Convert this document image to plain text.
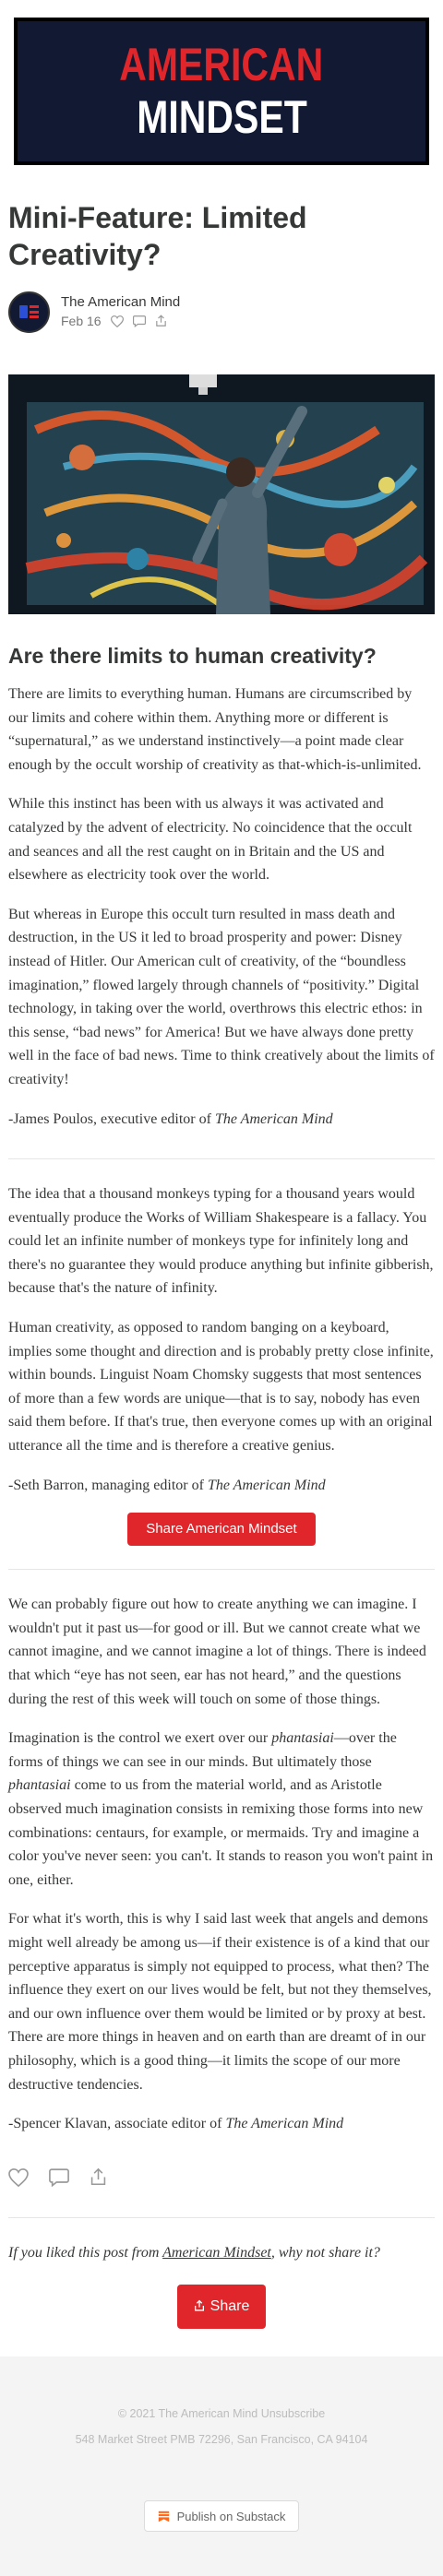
AMERICAN
MINDSET
Mini-Feature: Limited Creativity?
The American Mind
Feb 16
Are there limits to human creativity?

There are limits to everything human. Humans are circumscribed by our limits and cohere within them. Anything more or different is “supernatural,” as we understand instinctively—a point made clear enough by the occult worship of creativity as that-which-is-unlimited.

While this instinct has been with us always it was activated and catalyzed by the advent of electricity. No coincidence that the occult and seances and all the rest caught on in Britain and the US and elsewhere as electricity took over the world.

But whereas in Europe this occult turn resulted in mass death and destruction, in the US it led to broad prosperity and power: Disney instead of Hitler. Our American cult of creativity, of the “boundless imagination,” flowed largely through channels of “positivity.” Digital technology, in taking over the world, overthrows this electric ethos: in this sense, “bad news” for America! But we have always done pretty well in the face of bad news. Time to think creatively about the limits of creativity!

-James Poulos, executive editor of The American Mind

The idea that a thousand monkeys typing for a thousand years would eventually produce the Works of William Shakespeare is a fallacy. You could let an infinite number of monkeys type for infinitely long and there's no guarantee they would produce anything but infinite gibberish, because that's the nature of infinity.

Human creativity, as opposed to random banging on a keyboard, implies some thought and direction and is probably pretty close infinite, within bounds. Linguist Noam Chomsky suggests that most sentences of more than a few words are unique—that is to say, nobody has even said them before. If that's true, then everyone comes up with an original utterance all the time and is therefore a creative genius.

-Seth Barron, managing editor of The American Mind

Share American Mindset

We can probably figure out how to create anything we can imagine. I wouldn't put it past us—for good or ill. But we cannot create what we cannot imagine, and we cannot imagine a lot of things. There is indeed that which “eye has not seen, ear has not heard,” and the questions during the rest of this week will touch on some of those things.

Imagination is the control we exert over our phantasiai—over the forms of things we can see in our minds. But ultimately those phantasiai come to us from the material world, and as Aristotle observed much imagination consists in remixing those forms into new combinations: centaurs, for example, or mermaids. Try and imagine a color you've never seen: you can't. It stands to reason you won't paint in one, either.

For what it's worth, this is why I said last week that angels and demons might well already be among us—if their existence is of a kind that our perceptive apparatus is simply not equipped to process, what then? The influence they exert on our lives would be felt, but not they themselves, and our own influence over them would be limited or by proxy at best. There are more things in heaven and on earth than are dreamt of in our philosophy, which is a good thing—it limits the scope of our more destructive tendencies.

-Spencer Klavan, associate editor of The American Mind

If you liked this post from American Mindset, why not share it?

Share
© 2021 The American Mind Unsubscribe
548 Market Street PMB 72296, San Francisco, CA 94104
Publish on Substack
